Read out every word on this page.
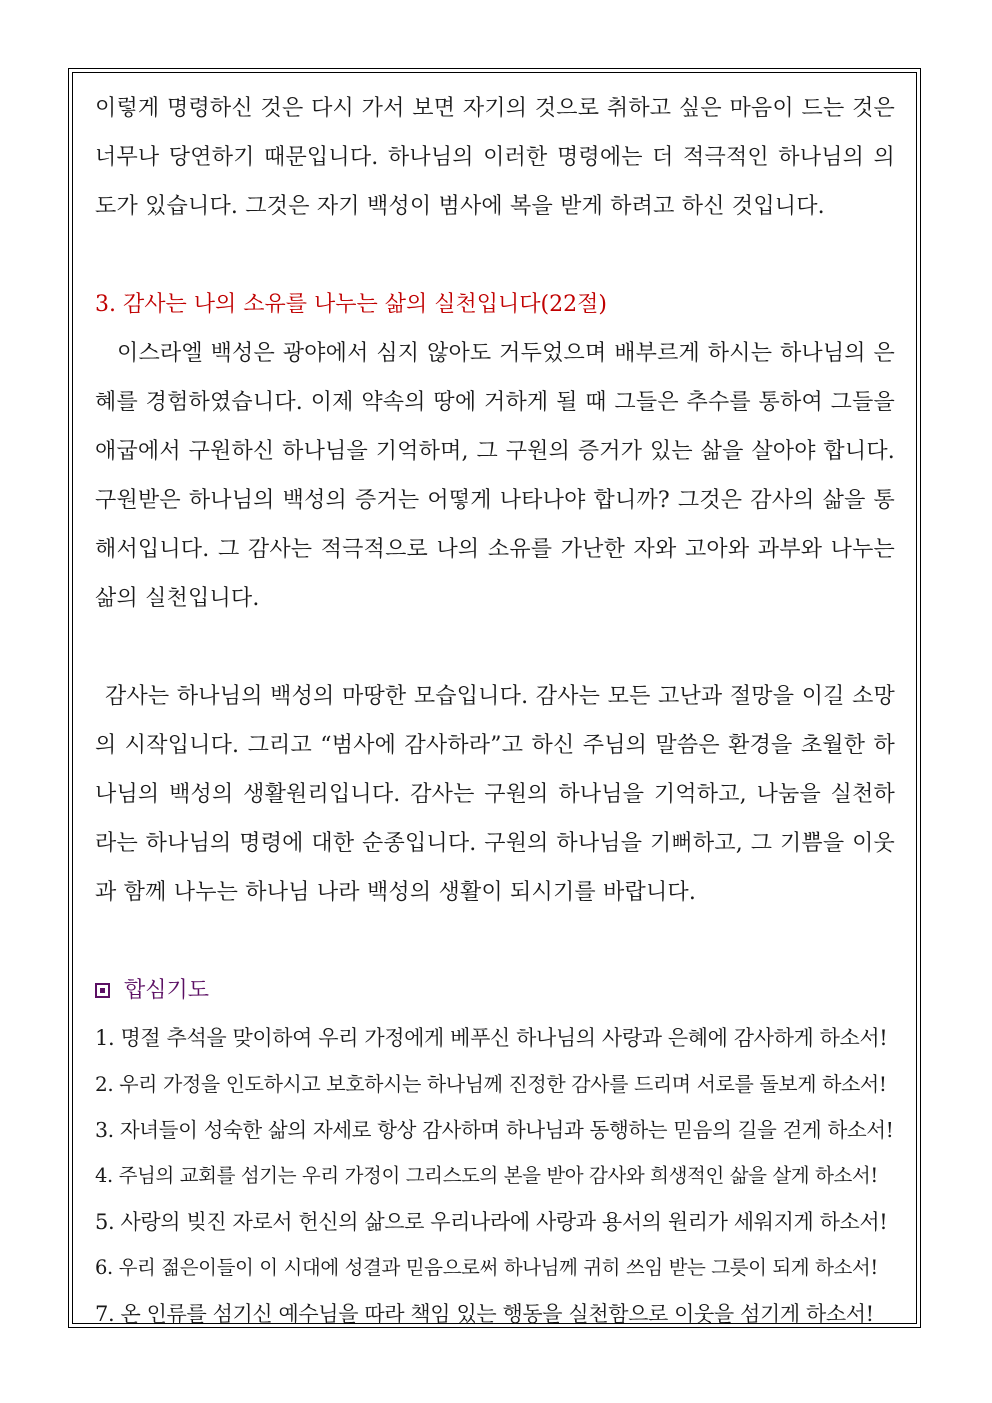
이렇게 명령하신 것은 다시 가서 보면 자기의 것으로 취하고 싶은 마음이 드는 것은 너무나 당연하기 때문입니다. 하나님의 이러한 명령에는 더 적극적인 하나님의 의도가 있습니다. 그것은 자기 백성이 범사에 복을 받게 하려고 하신 것입니다.

3. 감사는 나의 소유를 나누는 삶의 실천입니다(22절)

이스라엘 백성은 광야에서 심지 않아도 거두었으며 배부르게 하시는 하나님의 은혜를 경험하였습니다. 이제 약속의 땅에 거하게 될 때 그들은 추수를 통하여 그들을 애굽에서 구원하신 하나님을 기억하며, 그 구원의 증거가 있는 삶을 살아야 합니다. 구원받은 하나님의 백성의 증거는 어떻게 나타나야 합니까? 그것은 감사의 삶을 통해서입니다. 그 감사는 적극적으로 나의 소유를 가난한 자와 고아와 과부와 나누는 삶의 실천입니다.

감사는 하나님의 백성의 마땅한 모습입니다. 감사는 모든 고난과 절망을 이길 소망의 시작입니다. 그리고 “범사에 감사하라”고 하신 주님의 말씀은 환경을 초월한 하나님의 백성의 생활원리입니다. 감사는 구원의 하나님을 기억하고, 나눔을 실천하라는 하나님의 명령에 대한 순종입니다. 구원의 하나님을 기뻐하고, 그 기쁨을 이웃과 함께 나누는 하나님 나라 백성의 생활이 되시기를 바랍니다.

합심기도

1. 명절 추석을 맞이하여 우리 가정에게 베푸신 하나님의 사랑과 은혜에 감사하게 하소서!
2. 우리 가정을 인도하시고 보호하시는 하나님께 진정한 감사를 드리며 서로를 돌보게 하소서!
3. 자녀들이 성숙한 삶의 자세로 항상 감사하며 하나님과 동행하는 믿음의 길을 걷게 하소서!
4. 주님의 교회를 섬기는 우리 가정이 그리스도의 본을 받아 감사와 희생적인 삶을 살게 하소서!
5. 사랑의 빚진 자로서 헌신의 삶으로 우리나라에 사랑과 용서의 원리가 세워지게 하소서!
6. 우리 젊은이들이 이 시대에 성결과 믿음으로써 하나님께 귀히 쓰임 받는 그릇이 되게 하소서!
7. 온 인류를 섬기신 예수님을 따라 책임 있는 행동을 실천함으로 이웃을 섬기게 하소서!
